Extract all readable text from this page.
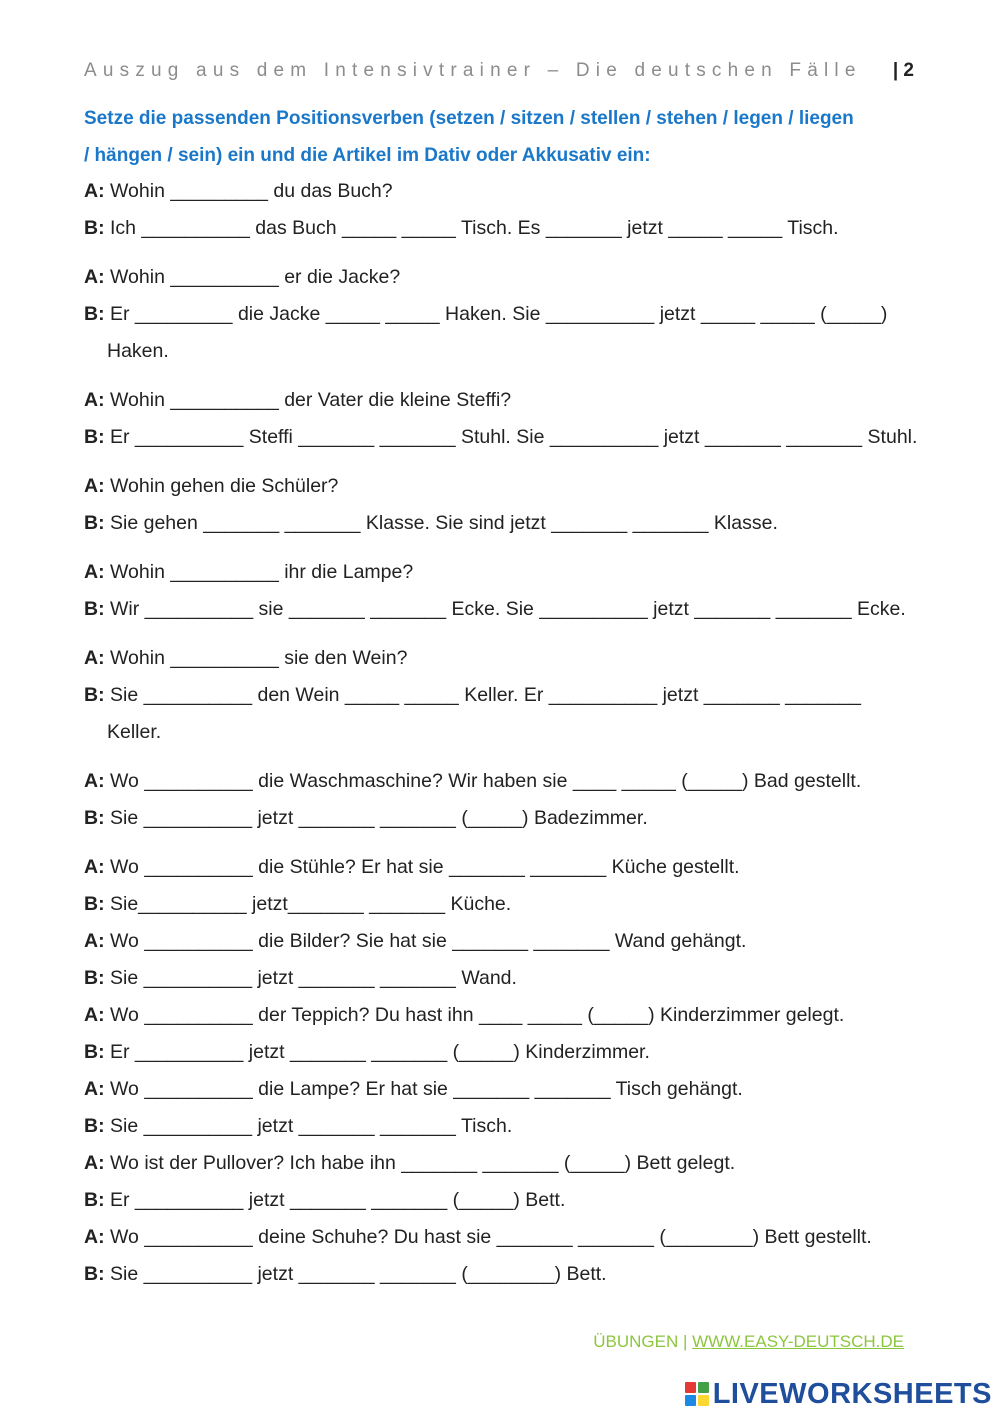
Auszug aus dem Intensivtrainer – Die deutschen Fälle | 2
Setze die passenden Positionsverben (setzen / sitzen / stellen / stehen / legen / liegen
/ hängen / sein) ein und die Artikel im Dativ oder Akkusativ ein:
A: Wohin _________ du das Buch?
B: Ich __________ das Buch _____ _____ Tisch. Es _______ jetzt _____ _____ Tisch.
A: Wohin __________ er die Jacke?
B: Er _________ die Jacke _____ _____ Haken. Sie __________ jetzt _____ _____ (_____)
Haken.
A: Wohin __________ der Vater die kleine Steffi?
B: Er __________ Steffi _______ _______ Stuhl. Sie __________ jetzt _______ _______ Stuhl.
A: Wohin gehen die Schüler?
B: Sie gehen _______ _______ Klasse. Sie sind jetzt _______ _______ Klasse.
A: Wohin __________ ihr die Lampe?
B: Wir __________ sie _______ _______ Ecke. Sie __________ jetzt _______ _______ Ecke.
A: Wohin __________ sie den Wein?
B: Sie __________ den Wein _____ _____ Keller. Er __________ jetzt _______ _______
Keller.
A: Wo __________ die Waschmaschine? Wir haben sie ____ _____ (_____) Bad gestellt.
B: Sie __________ jetzt _______ _______ (_____) Badezimmer.
A: Wo __________ die Stühle? Er hat sie _______ _______ Küche gestellt.
B: Sie__________ jetzt_______ _______ Küche.
A: Wo __________ die Bilder? Sie hat sie _______ _______ Wand gehängt.
B: Sie __________ jetzt _______ _______ Wand.
A: Wo __________ der Teppich? Du hast ihn ____ _____ (_____) Kinderzimmer gelegt.
B: Er __________ jetzt _______ _______ (_____) Kinderzimmer.
A: Wo __________ die Lampe? Er hat sie _______ _______ Tisch gehängt.
B: Sie __________ jetzt _______ _______ Tisch.
A: Wo ist der Pullover? Ich habe ihn _______ _______ (_____) Bett gelegt.
B: Er __________ jetzt _______ _______ (_____) Bett.
A: Wo __________ deine Schuhe? Du hast sie _______ _______ (________) Bett gestellt.
B: Sie __________ jetzt _______ _______ (________) Bett.
ÜBUNGEN | WWW.EASY-DEUTSCH.DE
LIVEWORKSHEETS
